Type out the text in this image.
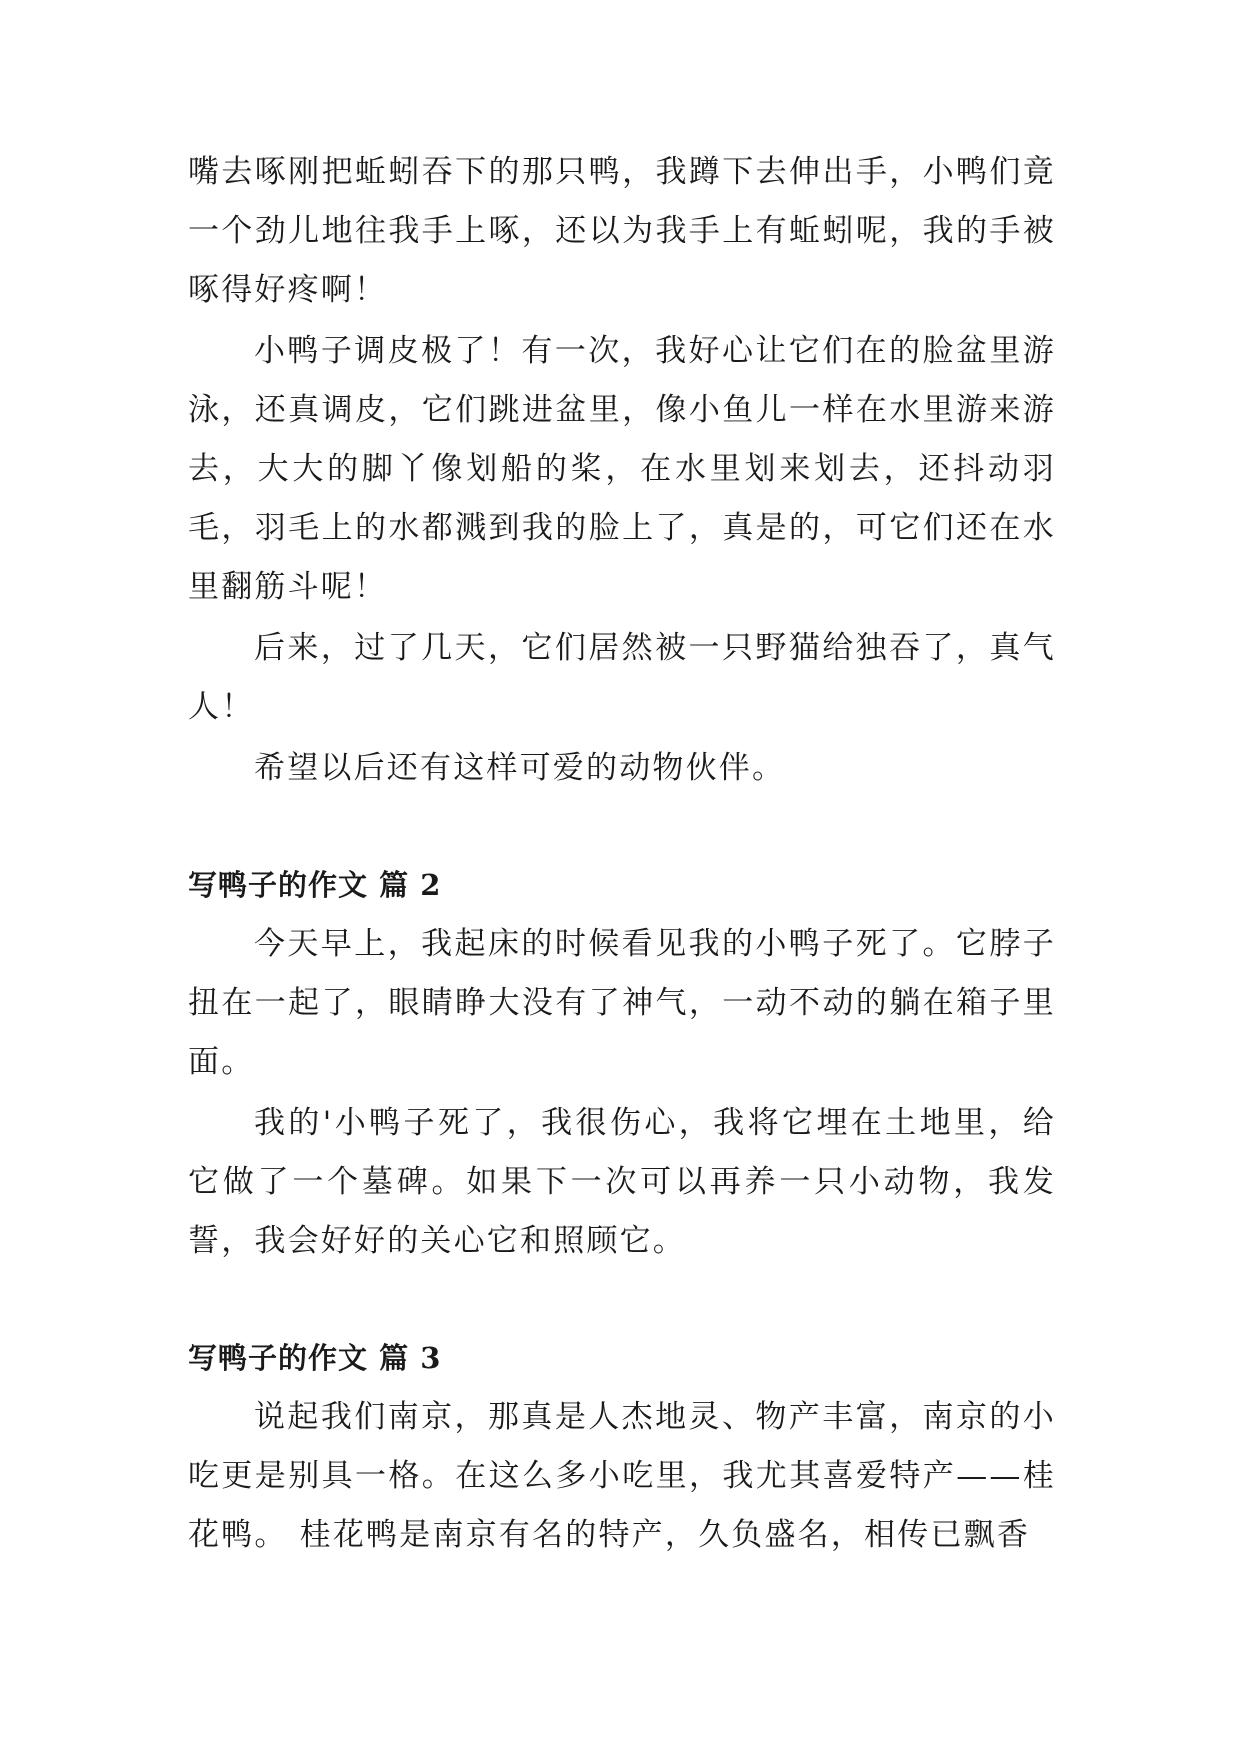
嘴去啄刚把蚯蚓吞下的那只鸭，我蹲下去伸出手，小鸭们竟一个劲儿地往我手上啄，还以为我手上有蚯蚓呢，我的手被啄得好疼啊！

小鸭子调皮极了！有一次，我好心让它们在的脸盆里游泳，还真调皮，它们跳进盆里，像小鱼儿一样在水里游来游去，大大的脚丫像划船的桨，在水里划来划去，还抖动羽毛，羽毛上的水都溅到我的脸上了，真是的，可它们还在水里翻筋斗呢！

后来，过了几天，它们居然被一只野猫给独吞了，真气人！

希望以后还有这样可爱的动物伙伴。

写鸭子的作文 篇 2

今天早上，我起床的时候看见我的小鸭子死了。它脖子扭在一起了，眼睛睁大没有了神气，一动不动的躺在箱子里面。

我的'小鸭子死了，我很伤心，我将它埋在土地里，给它做了一个墓碑。如果下一次可以再养一只小动物，我发誓，我会好好的关心它和照顾它。

写鸭子的作文 篇 3

说起我们南京，那真是人杰地灵、物产丰富，南京的小吃更是别具一格。在这么多小吃里，我尤其喜爱特产——桂花鸭。 桂花鸭是南京有名的特产，久负盛名，相传已飘香
